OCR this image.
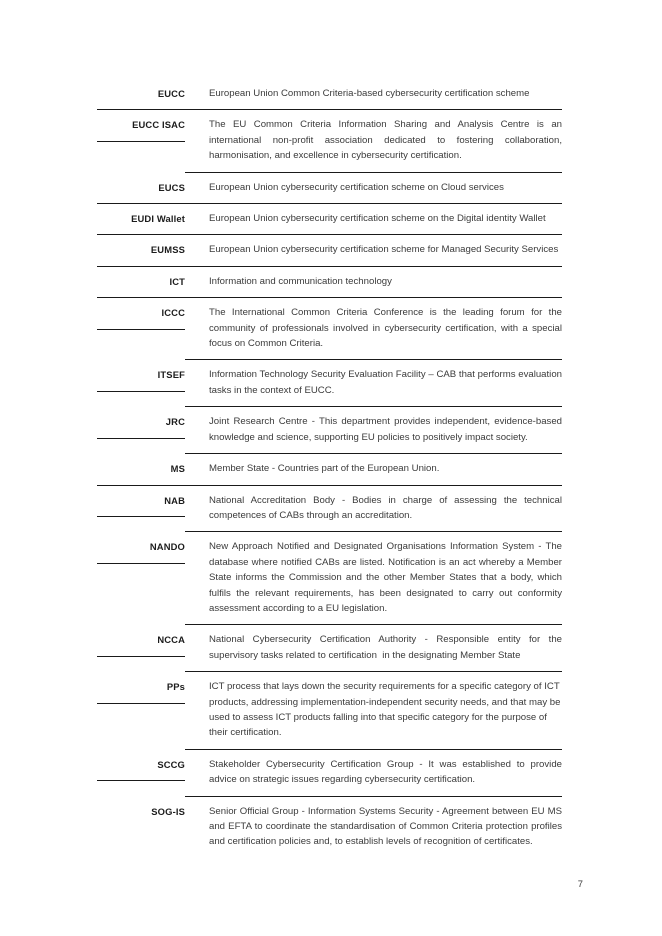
EUCC	European Union Common Criteria-based cybersecurity certification scheme

EUCC ISAC	The EU Common Criteria Information Sharing and Analysis Centre is an international non-profit association dedicated to fostering collaboration, harmonisation, and excellence in cybersecurity certification.

EUCS	European Union cybersecurity certification scheme on Cloud services

EUDI Wallet	European Union cybersecurity certification scheme on the Digital identity Wallet

EUMSS	European Union cybersecurity certification scheme for Managed Security Services

ICT	Information and communication technology

ICCC	The International Common Criteria Conference is the leading forum for the community of professionals involved in cybersecurity certification, with a special focus on Common Criteria.

ITSEF	Information Technology Security Evaluation Facility – CAB that performs evaluation tasks in the context of EUCC.

JRC	Joint Research Centre - This department provides independent, evidence-based knowledge and science, supporting EU policies to positively impact society.

MS	Member State - Countries part of the European Union.

NAB	National Accreditation Body - Bodies in charge of assessing the technical competences of CABs through an accreditation.

NANDO	New Approach Notified and Designated Organisations Information System - The database where notified CABs are listed. Notification is an act whereby a Member State informs the Commission and the other Member States that a body, which fulfils the relevant requirements, has been designated to carry out conformity assessment according to a EU legislation.

NCCA	National Cybersecurity Certification Authority - Responsible entity for the supervisory tasks related to certification  in the designating Member State

PPs	ICT process that lays down the security requirements for a specific category of ICT products, addressing implementation-independent security needs, and that may be used to assess ICT products falling into that specific category for the purpose of their certification.

SCCG	Stakeholder Cybersecurity Certification Group - It was established to provide advice on strategic issues regarding cybersecurity certification.

SOG-IS	Senior Official Group - Information Systems Security - Agreement between EU MS and EFTA to coordinate the standardisation of Common Criteria protection profiles and certification policies and, to establish levels of recognition of certificates.
7
